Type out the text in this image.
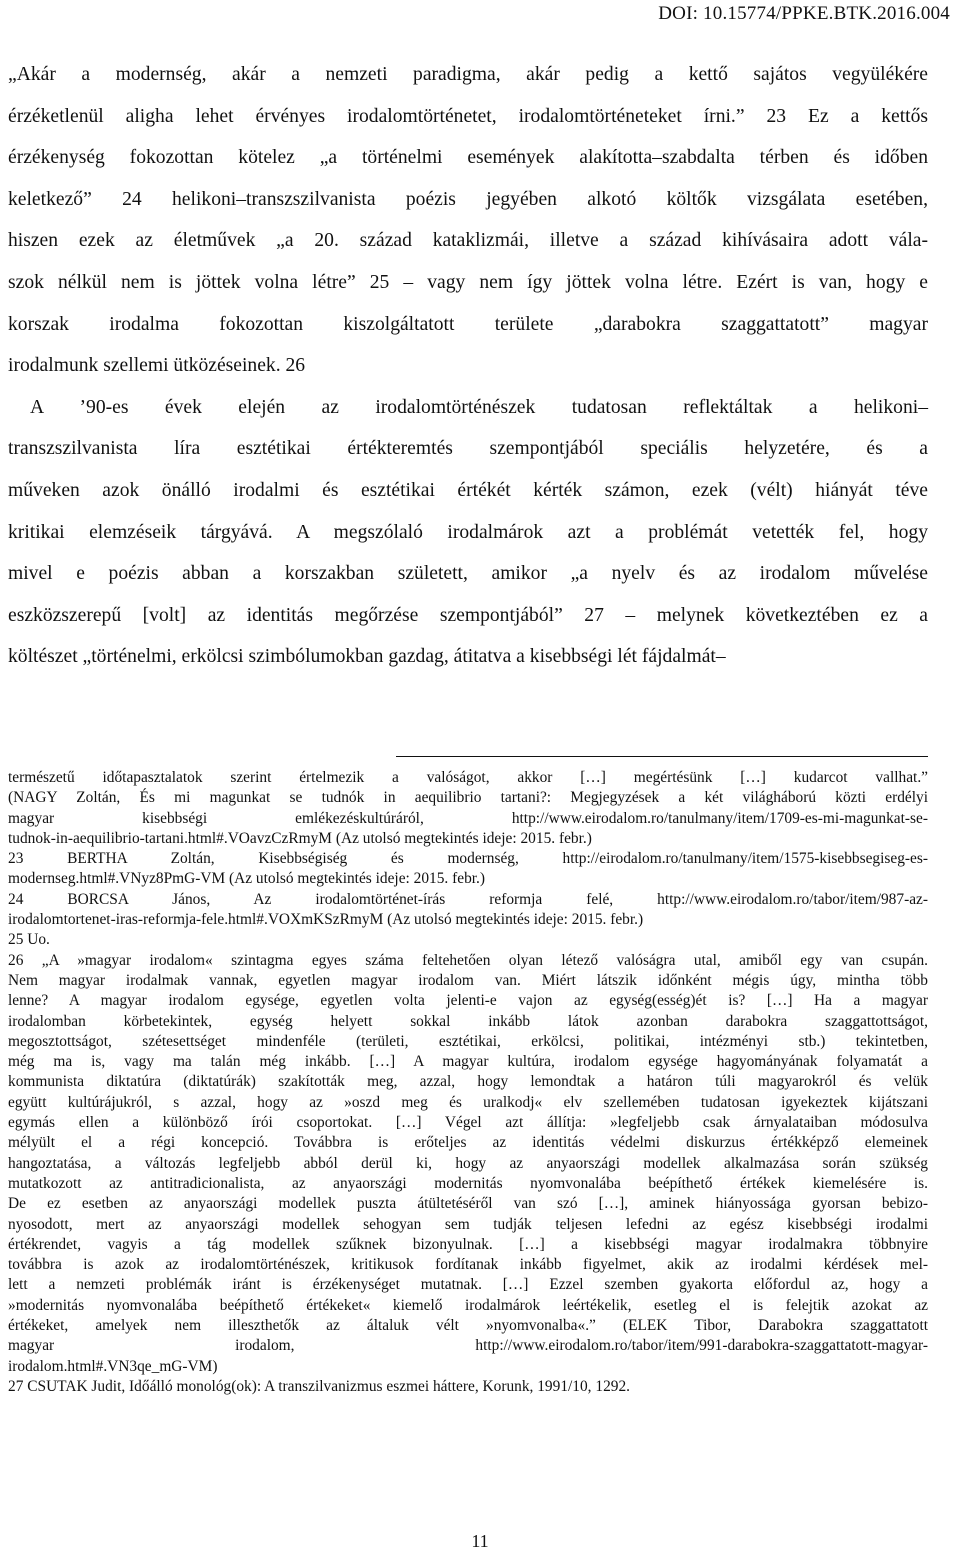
DOI: 10.15774/PPKE.BTK.2016.004
„Akár a modernség, akár a nemzeti paradigma, akár pedig a kettő sajátos vegyülékére
érzéketlenül aligha lehet érvényes irodalomtörténetet, irodalomtörténeteket írni.” 23 Ez a kettős
érzékenység fokozottan kötelez „a történelmi események alakította–szabdalta térben és időben
keletkező” 24 helikoni–transzszilvanista poézis jegyében alkotó költők vizsgálata esetében,
hiszen ezek az életművek „a 20. század kataklizmái, illetve a század kihívásaira adott vála-
szok nélkül nem is jöttek volna létre” 25 – vagy nem így jöttek volna létre. Ezért is van, hogy e
korszak irodalma fokozottan kiszolgáltatott területe „darabokra szaggattatott” magyar
irodalmunk szellemi ütközéseinek. 26
A ’90-es évek elején az irodalomtörténészek tudatosan reflektáltak a helikoni–
transzszilvanista líra esztétikai értékteremtés szempontjából speciális helyzetére, és a
műveken azok önálló irodalmi és esztétikai értékét kérték számon, ezek (vélt) hiányát téve
kritikai elemzéseik tárgyává. A megszólaló irodalmárok azt a problémát vetették fel, hogy
mivel e poézis abban a korszakban született, amikor „a nyelv és az irodalom művelése
eszközszerepű [volt] az identitás megőrzése szempontjából” 27 – melynek következtében ez a
költészet „történelmi, erkölcsi szimbólumokban gazdag, átitatva a kisebbségi lét fájdalmát–
természetű időtapasztalatok szerint értelmezik a valóságot, akkor […] megértésünk […] kudarcot vallhat.”
(NAGY Zoltán, És mi magunkat se tudnók in aequilibrio tartani?: Megjegyzések a két világháború közti erdélyi
magyar kisebbségi emlékezéskultúráról, http://www.eirodalom.ro/tanulmany/item/1709-es-mi-magunkat-se-
tudnok-in-aequilibrio-tartani.html#.VOavzCzRmyM (Az utolsó megtekintés ideje: 2015. febr.)
23 BERTHA Zoltán, Kisebbségiség és modernség, http://eirodalom.ro/tanulmany/item/1575-kisebbsegiseg-es-
modernseg.html#.VNyz8PmG-VM (Az utolsó megtekintés ideje: 2015. febr.)
24 BORCSA János, Az irodalomtörténet-írás reformja felé, http://www.eirodalom.ro/tabor/item/987-az-
irodalomtortenet-iras-reformja-fele.html#.VOXmKSzRmyM (Az utolsó megtekintés ideje: 2015. febr.)
25 Uo.
26 „A »magyar irodalom« szintagma egyes száma feltehetően olyan létező valóságra utal, amiből egy van csupán.
Nem magyar irodalmak vannak, egyetlen magyar irodalom van. Miért látszik időnként mégis úgy, mintha több
lenne? A magyar irodalom egysége, egyetlen volta jelenti-e vajon az egység(esség)ét is? […] Ha a magyar
irodalomban körbetekintek, egység helyett sokkal inkább látok azonban darabokra szaggattottságot,
megosztottságot, szétesettséget mindenféle (területi, esztétikai, erkölcsi, politikai, intézményi stb.) tekintetben,
még ma is, vagy ma talán még inkább. […] A magyar kultúra, irodalom egysége hagyományának folyamatát a
kommunista diktatúra (diktatúrák) szakították meg, azzal, hogy lemondtak a határon túli magyarokról és velük
együtt kultúrájukról, s azzal, hogy az »oszd meg és uralkodj« elv szellemében tudatosan igyekeztek kijátszani
egymás ellen a különböző írói csoportokat. […] Végel azt állítja: »legfeljebb csak árnyalataiban módosulva
mélyült el a régi koncepció. Továbbra is erőteljes az identitás védelmi diskurzus értékképző elemeinek
hangoztatása, a változás legfeljebb abból derül ki, hogy az anyaországi modellek alkalmazása során szükség
mutatkozott az antitradicionalista, az anyaországi modernitás nyomvonalába beépíthető értékek kiemelésére is.
De ez esetben az anyaországi modellek puszta átültetéséről van szó […], aminek hiányossága gyorsan bebizo-
nyosodott, mert az anyaországi modellek sehogyan sem tudják teljesen lefedni az egész kisebbségi irodalmi
értékrendet, vagyis a tág modellek szűknek bizonyulnak. […] a kisebbségi magyar irodalmakra többnyire
továbbra is azok az irodalomtörténészek, kritikusok fordítanak inkább figyelmet, akik az irodalmi kérdések mel-
lett a nemzeti problémák iránt is érzékenységet mutatnak. […] Ezzel szemben gyakorta előfordul az, hogy a
»modernitás nyomvonalába beépíthető értékeket« kiemelő irodalmárok leértékelik, esetleg el is felejtik azokat az
értékeket, amelyek nem illeszthetők az általuk vélt »nyomvonalba«.” (ELEK Tibor, Darabokra szaggattatott
magyar irodalom, http://www.eirodalom.ro/tabor/item/991-darabokra-szaggattatott-magyar-
irodalom.html#.VN3qe_mG-VM)
27 CSUTAK Judit, Időálló monológ(ok): A transzilvanizmus eszmei háttere, Korunk, 1991/10, 1292.
11
